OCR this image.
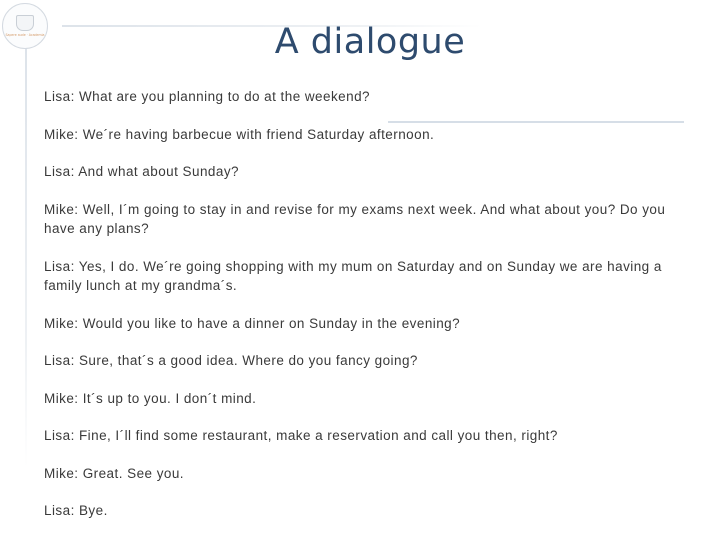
Sapere aude · Academia	A dialogue

Lisa: What are you planning to do at the weekend?

Mike: We´re having barbecue with friend Saturday afternoon.

Lisa: And what about Sunday?

Mike: Well, I´m going to stay in and revise for my exams next week. And what about you? Do you have any plans?

Lisa: Yes, I do. We´re going shopping with my mum on Saturday and on Sunday we are having a family lunch at my grandma´s.

Mike: Would you like to have a dinner on Sunday in the evening?

Lisa: Sure, that´s a good idea. Where do you fancy going?

Mike: It´s up to you. I don´t mind.

Lisa: Fine, I´ll find some restaurant, make a reservation and call you then, right?

Mike: Great. See you.

Lisa: Bye.
